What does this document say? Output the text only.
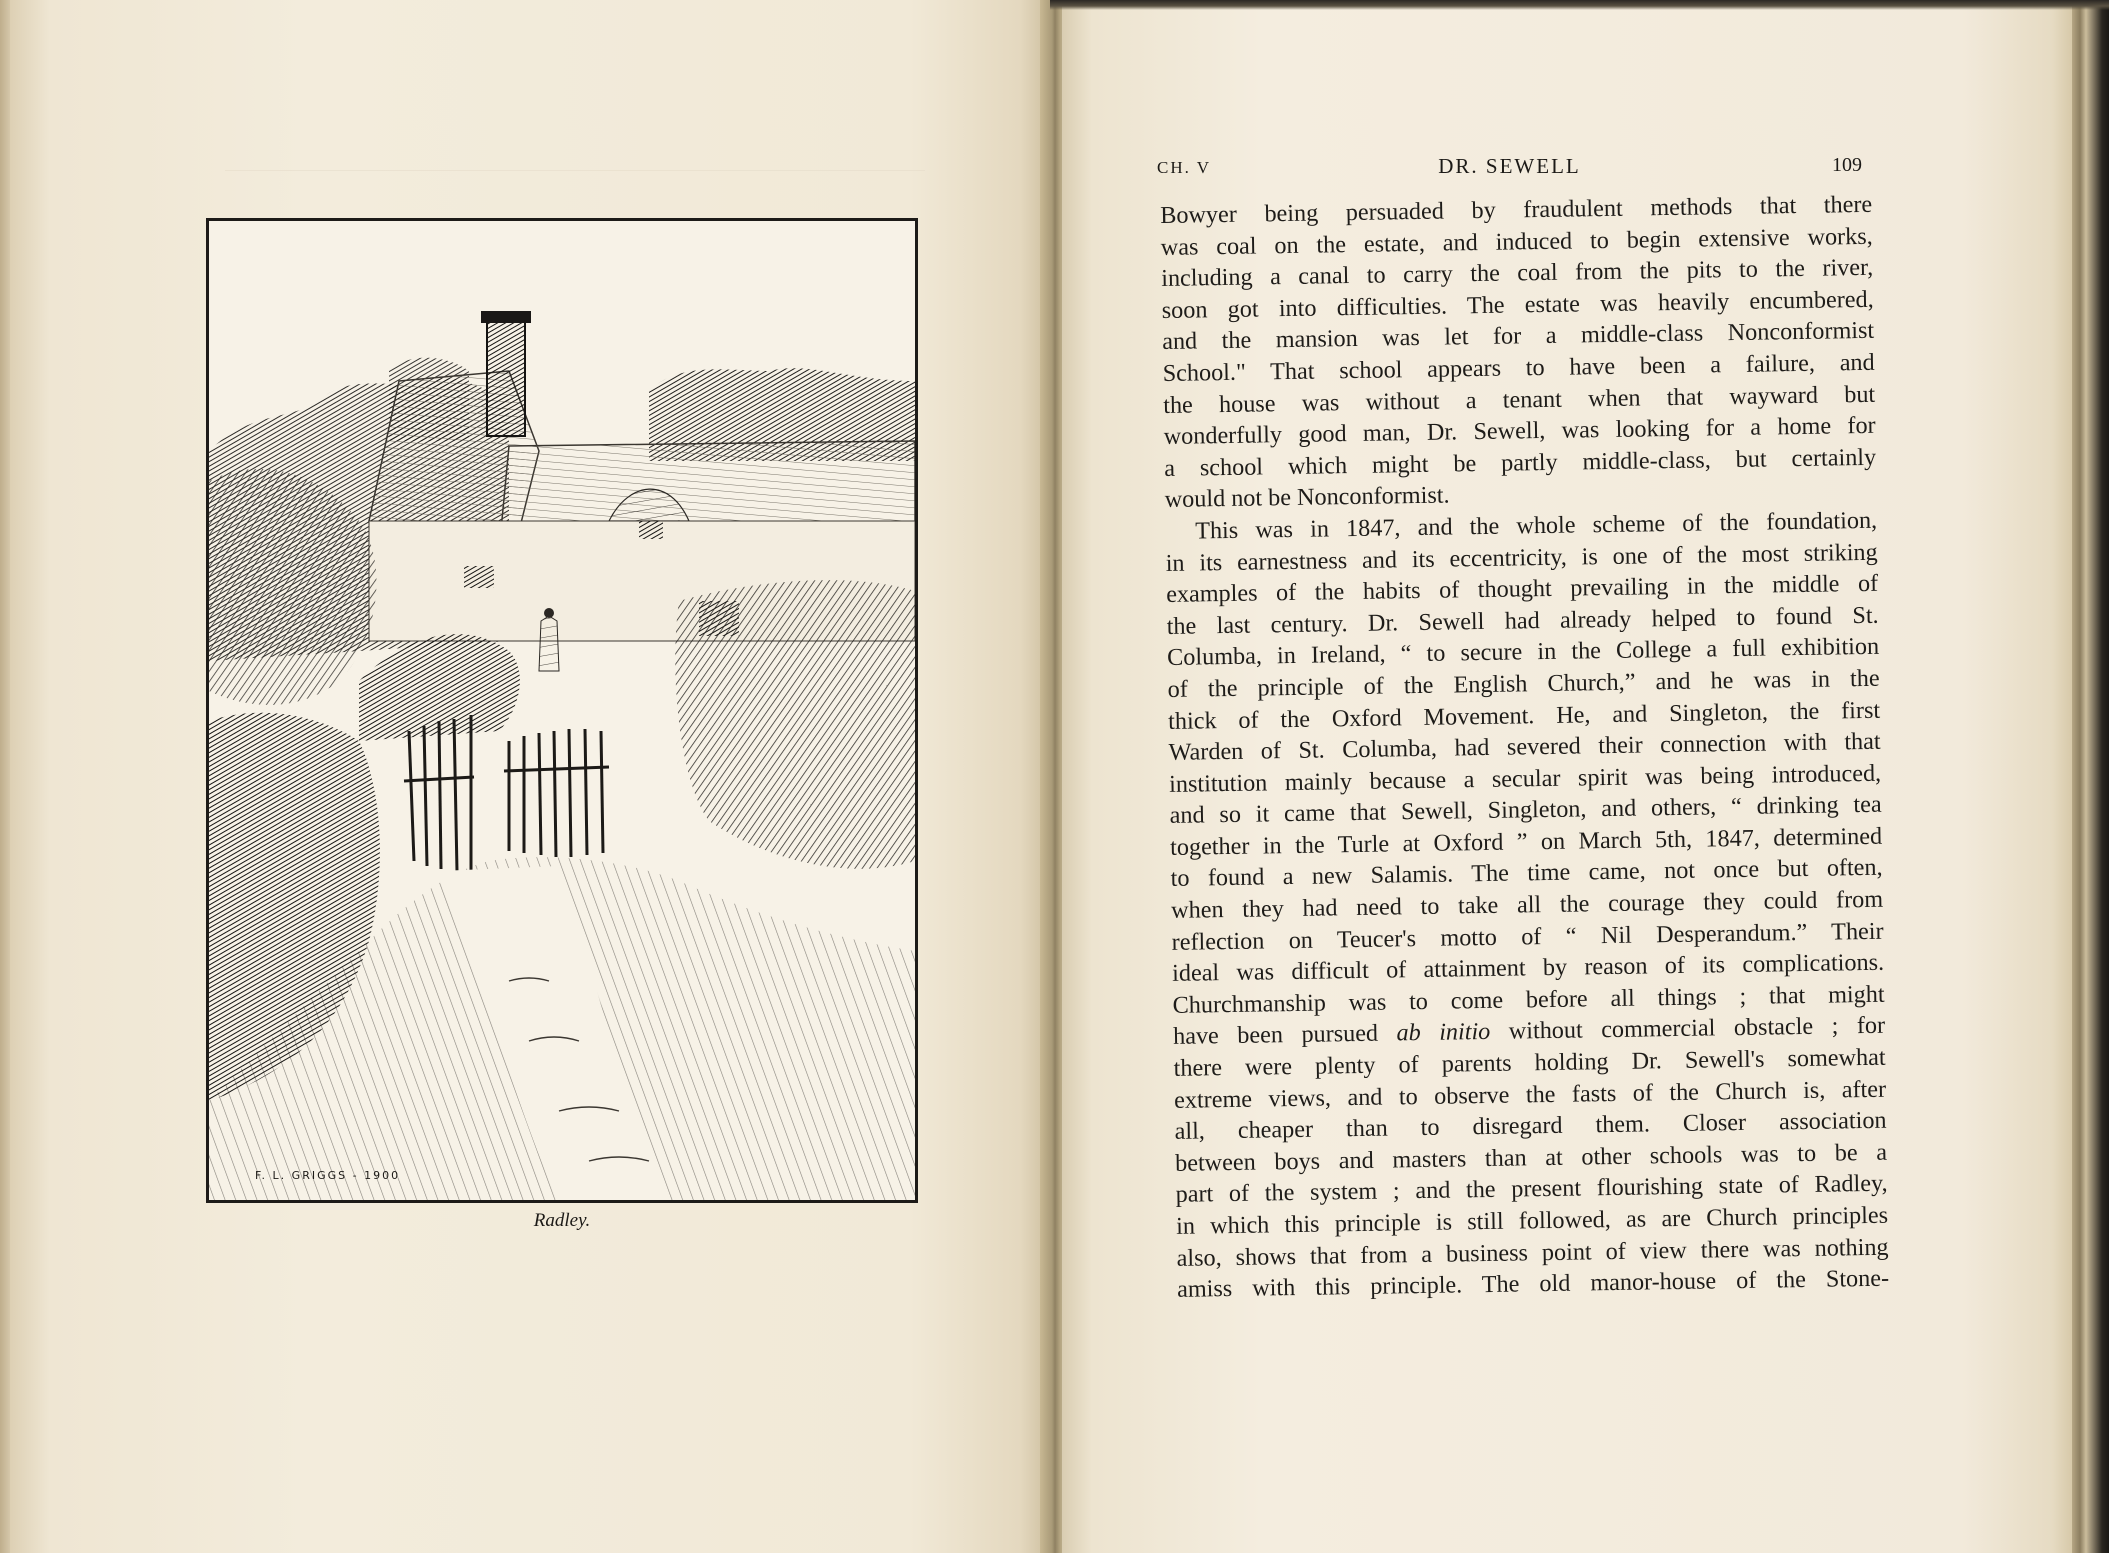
F. L. GRIGGS - 1900
Radley.
CH. V	DR. SEWELL	109
Bowyer being persuaded by fraudulent methods that there
was coal on the estate, and induced to begin extensive works,
including a canal to carry the coal from the pits to the river,
soon got into difficulties. The estate was heavily encumbered,
and the mansion was let for a middle-class Nonconformist
School." That school appears to have been a failure, and
the house was without a tenant when that wayward but
wonderfully good man, Dr. Sewell, was looking for a home for
a school which might be partly middle-class, but certainly
would not be Nonconformist.
This was in 1847, and the whole scheme of the foundation,
in its earnestness and its eccentricity, is one of the most striking
examples of the habits of thought prevailing in the middle of
the last century. Dr. Sewell had already helped to found St.
Columba, in Ireland, “ to secure in the College a full exhibition
of the principle of the English Church,” and he was in the
thick of the Oxford Movement. He, and Singleton, the first
Warden of St. Columba, had severed their connection with that
institution mainly because a secular spirit was being introduced,
and so it came that Sewell, Singleton, and others, “ drinking tea
together in the Turle at Oxford ” on March 5th, 1847, determined
to found a new Salamis. The time came, not once but often,
when they had need to take all the courage they could from
reflection on Teucer's motto of “ Nil Desperandum.” Their
ideal was difficult of attainment by reason of its complications.
Churchmanship was to come before all things ; that might
have been pursued ab initio without commercial obstacle ; for
there were plenty of parents holding Dr. Sewell's somewhat
extreme views, and to observe the fasts of the Church is, after
all, cheaper than to disregard them. Closer association
between boys and masters than at other schools was to be a
part of the system ; and the present flourishing state of Radley,
in which this principle is still followed, as are Church principles
also, shows that from a business point of view there was nothing
amiss with this principle. The old manor-house of the Stone-
